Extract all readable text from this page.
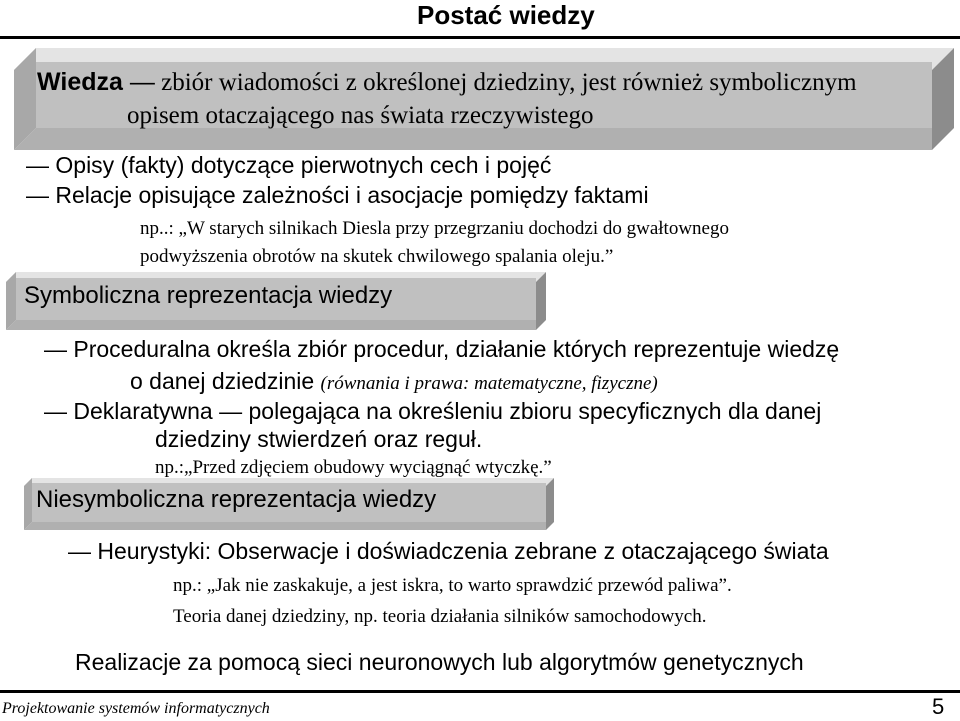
Postać wiedzy
Wiedza — zbiór wiadomości z określonej dziedziny, jest również symbolicznym
opisem otaczającego nas świata rzeczywistego
— Opisy (fakty) dotyczące pierwotnych cech i pojęć
— Relacje opisujące zależności i asocjacje pomiędzy faktami
np..: „W starych silnikach Diesla przy przegrzaniu dochodzi do gwałtownego
podwyższenia obrotów na skutek chwilowego spalania oleju.”
Symboliczna reprezentacja wiedzy
— Proceduralna określa zbiór procedur, działanie których reprezentuje wiedzę
o danej dziedzinie (równania i prawa: matematyczne, fizyczne)
— Deklaratywna — polegająca na określeniu zbioru specyficznych dla danej
dziedziny stwierdzeń oraz reguł.
np.:„Przed zdjęciem obudowy wyciągnąć wtyczkę.”
Niesymboliczna reprezentacja wiedzy
— Heurystyki: Obserwacje i doświadczenia zebrane z otaczającego świata
np.: „Jak nie zaskakuje, a jest iskra, to warto sprawdzić przewód paliwa”.
Teoria danej dziedziny, np. teoria działania silników samochodowych.
Realizacje za pomocą sieci neuronowych lub algorytmów genetycznych
Projektowanie systemów informatycznych	5
